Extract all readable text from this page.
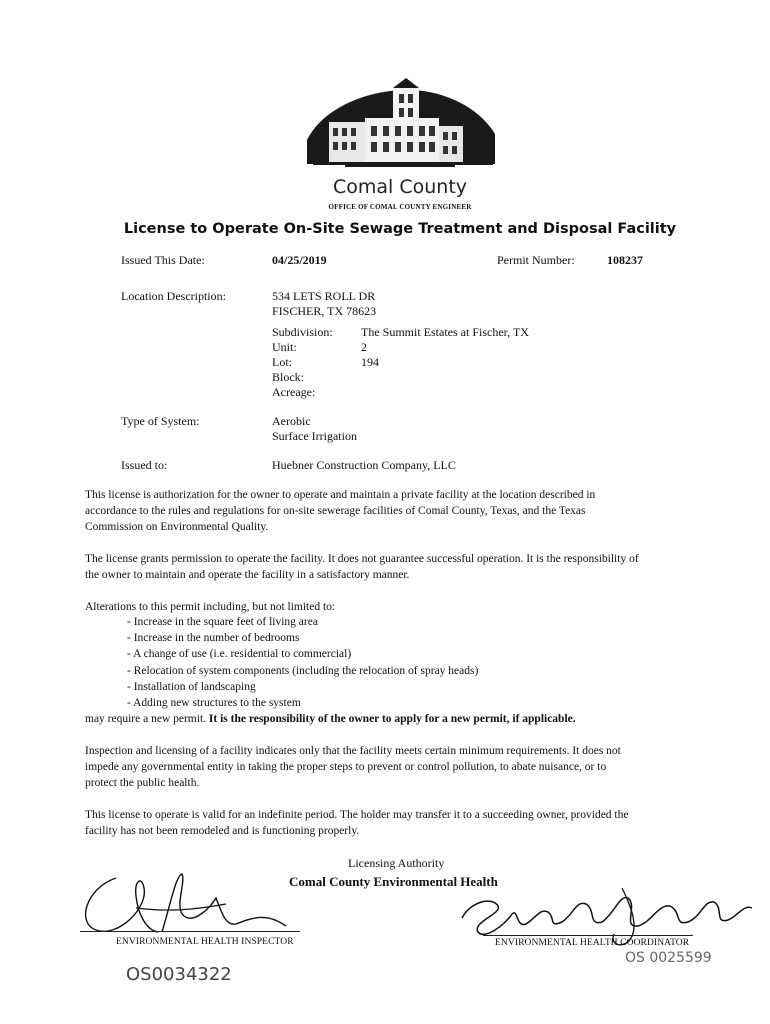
Comal County
OFFICE OF COMAL COUNTY ENGINEER
License to Operate On-Site Sewage Treatment and Disposal Facility
Issued This Date:	04/25/2019	Permit Number:	108237
Location Description:	534 LETS ROLL DR
FISCHER, TX 78623
Subdivision: The Summit Estates at Fischer, TX
Unit:	2
Lot:	194
Block:
Acreage:
Type of System:	Aerobic
Surface Irrigation
Issued to:	Huebner Construction Company, LLC
This license is authorization for the owner to operate and maintain a private facility at the location described in accordance to the rules and regulations for on-site sewerage facilities of Comal County, Texas, and the Texas Commission on Environmental Quality.
The license grants permission to operate the facility. It does not guarantee successful operation. It is the responsibility of the owner to maintain and operate the facility in a satisfactory manner.
Alterations to this permit including, but not limited to:
- Increase in the square feet of living area
- Increase in the number of bedrooms
- A change of use (i.e. residential to commercial)
- Relocation of system components (including the relocation of spray heads)
- Installation of landscaping
- Adding new structures to the system
may require a new permit. It is the responsibility of the owner to apply for a new permit, if applicable.
Inspection and licensing of a facility indicates only that the facility meets certain minimum requirements. It does not impede any governmental entity in taking the proper steps to prevent or control pollution, to abate nuisance, or to protect the public health.
This license to operate is valid for an indefinite period. The holder may transfer it to a succeeding owner, provided the facility has not been remodeled and is functioning properly.
Licensing Authority
Comal County Environmental Health
ENVIRONMENTAL HEALTH INSPECTOR	ENVIRONMENTAL HEALTH COORDINATOR
OS0034322
OS 0025599
